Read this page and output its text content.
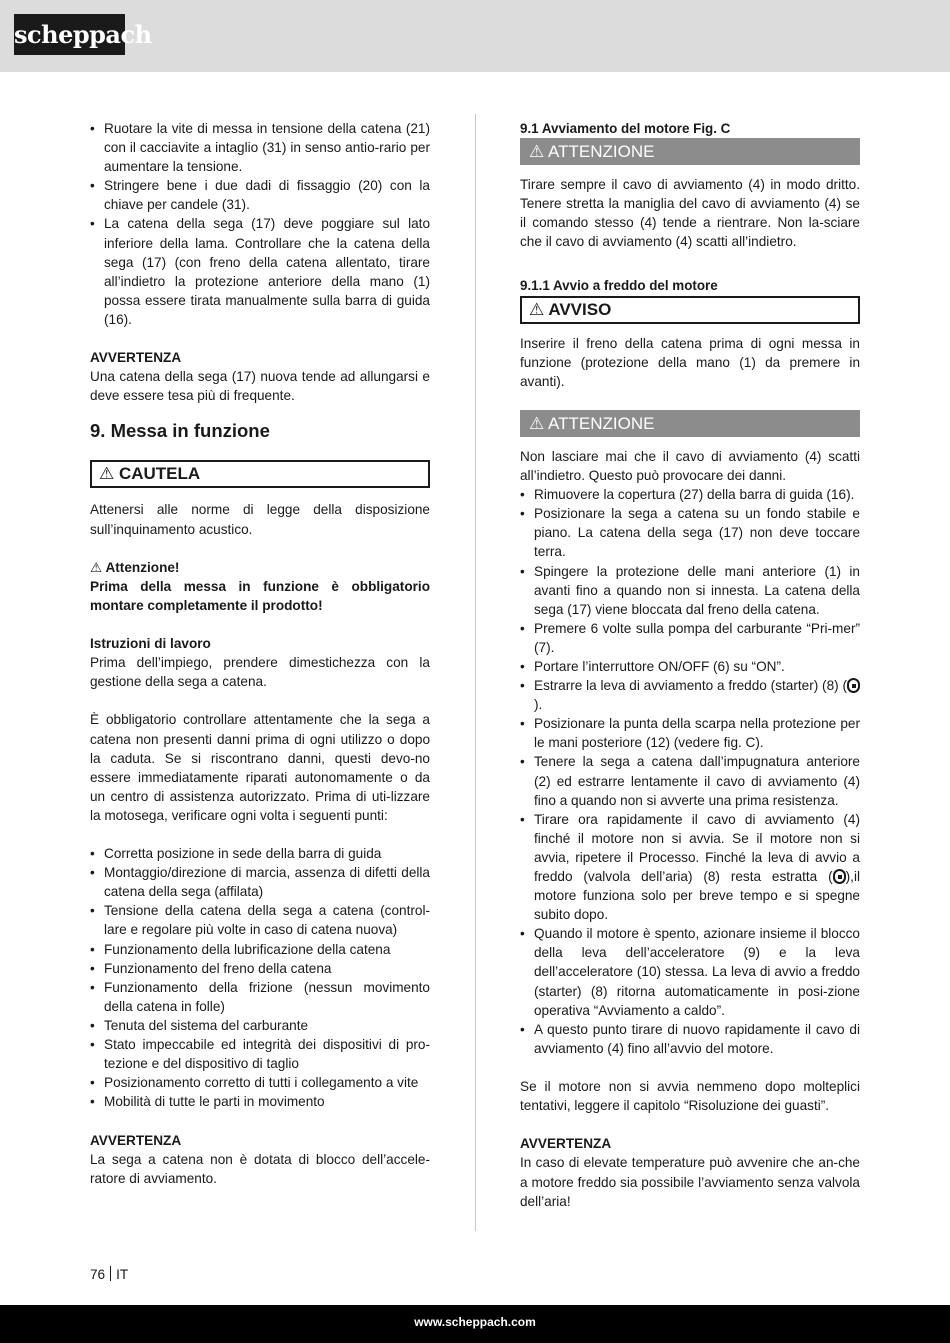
scheppach
• Ruotare la vite di messa in tensione della catena (21) con il cacciavite a intaglio (31) in senso antio-rario per aumentare la tensione.
• Stringere bene i due dadi di fissaggio (20) con la chiave per candele (31).
• La catena della sega (17) deve poggiare sul lato inferiore della lama. Controllare che la catena della sega (17) (con freno della catena allentato, tirare all’indietro la protezione anteriore della mano (1) possa essere tirata manualmente sulla barra di guida (16).

AVVERTENZA

Una catena della sega (17) nuova tende ad allungarsi e deve essere tesa più di frequente.

9. Messa in funzione
⚠ CAUTELA

Attenersi alle norme di legge della disposizione sull’inquinamento acustico.

⚠ Attenzione!

Prima della messa in funzione è obbligatorio montare completamente il prodotto!

Istruzioni di lavoro

Prima dell’impiego, prendere dimestichezza con la gestione della sega a catena.

È obbligatorio controllare attentamente che la sega a catena non presenti danni prima di ogni utilizzo o dopo la caduta. Se si riscontrano danni, questi devo-no essere immediatamente riparati autonomamente o da un centro di assistenza autorizzato. Prima di uti-lizzare la motosega, verificare ogni volta i seguenti punti:

• Corretta posizione in sede della barra di guida
• Montaggio/direzione di marcia, assenza di difetti della catena della sega (affilata)
• Tensione della catena della sega a catena (control-lare e regolare più volte in caso di catena nuova)
• Funzionamento della lubrificazione della catena
• Funzionamento del freno della catena
• Funzionamento della frizione (nessun movimento della catena in folle)
• Tenuta del sistema del carburante
• Stato impeccabile ed integrità dei dispositivi di pro-tezione e del dispositivo di taglio
• Posizionamento corretto di tutti i collegamento a vite
• Mobilità di tutte le parti in movimento

AVVERTENZA

La sega a catena non è dotata di blocco dell’accele-ratore di avviamento.

9.1 Avviamento del motore Fig. C

⚠ ATTENZIONE

Tirare sempre il cavo di avviamento (4) in modo dritto. Tenere stretta la maniglia del cavo di avviamento (4) se il comando stesso (4) tende a rientrare. Non la-sciare che il cavo di avviamento (4) scatti all’indietro.

9.1.1 Avvio a freddo del motore

⚠ AVVISO

Inserire il freno della catena prima di ogni messa in funzione (protezione della mano (1) da premere in avanti).

⚠ ATTENZIONE

Non lasciare mai che il cavo di avviamento (4) scatti all’indietro. Questo può provocare dei danni.

• Rimuovere la copertura (27) della barra di guida (16).
• Posizionare la sega a catena su un fondo stabile e piano. La catena della sega (17) non deve toccare terra.
• Spingere la protezione delle mani anteriore (1) in avanti fino a quando non si innesta. La catena della sega (17) viene bloccata dal freno della catena.
• Premere 6 volte sulla pompa del carburante “Pri-mer” (7).
• Portare l’interruttore ON/OFF (6) su “ON”.
• Estrarre la leva di avviamento a freddo (starter) (8) ().
• Posizionare la punta della scarpa nella protezione per le mani posteriore (12) (vedere fig. C).
• Tenere la sega a catena dall’impugnatura anteriore (2) ed estrarre lentamente il cavo di avviamento (4) fino a quando non si avverte una prima resistenza.
• Tirare ora rapidamente il cavo di avviamento (4) finché il motore non si avvia. Se il motore non si avvia, ripetere il Processo. Finché la leva di avvio a freddo (valvola dell’aria) (8) resta estratta ( ),il motore funziona solo per breve tempo e si spegne subito dopo.
• Quando il motore è spento, azionare insieme il blocco della leva dell’acceleratore (9) e la leva dell’acceleratore (10) stessa. La leva di avvio a freddo (starter) (8) ritorna automaticamente in posi-zione operativa “Avviamento a caldo”.
• A questo punto tirare di nuovo rapidamente il cavo di avviamento (4) fino all’avvio del motore.

Se il motore non si avvia nemmeno dopo molteplici tentativi, leggere il capitolo “Risoluzione dei guasti”.

AVVERTENZA

In caso di elevate temperature può avvenire che an-che a motore freddo sia possibile l’avviamento senza valvola dell’aria!

76 IT
www.scheppach.com
